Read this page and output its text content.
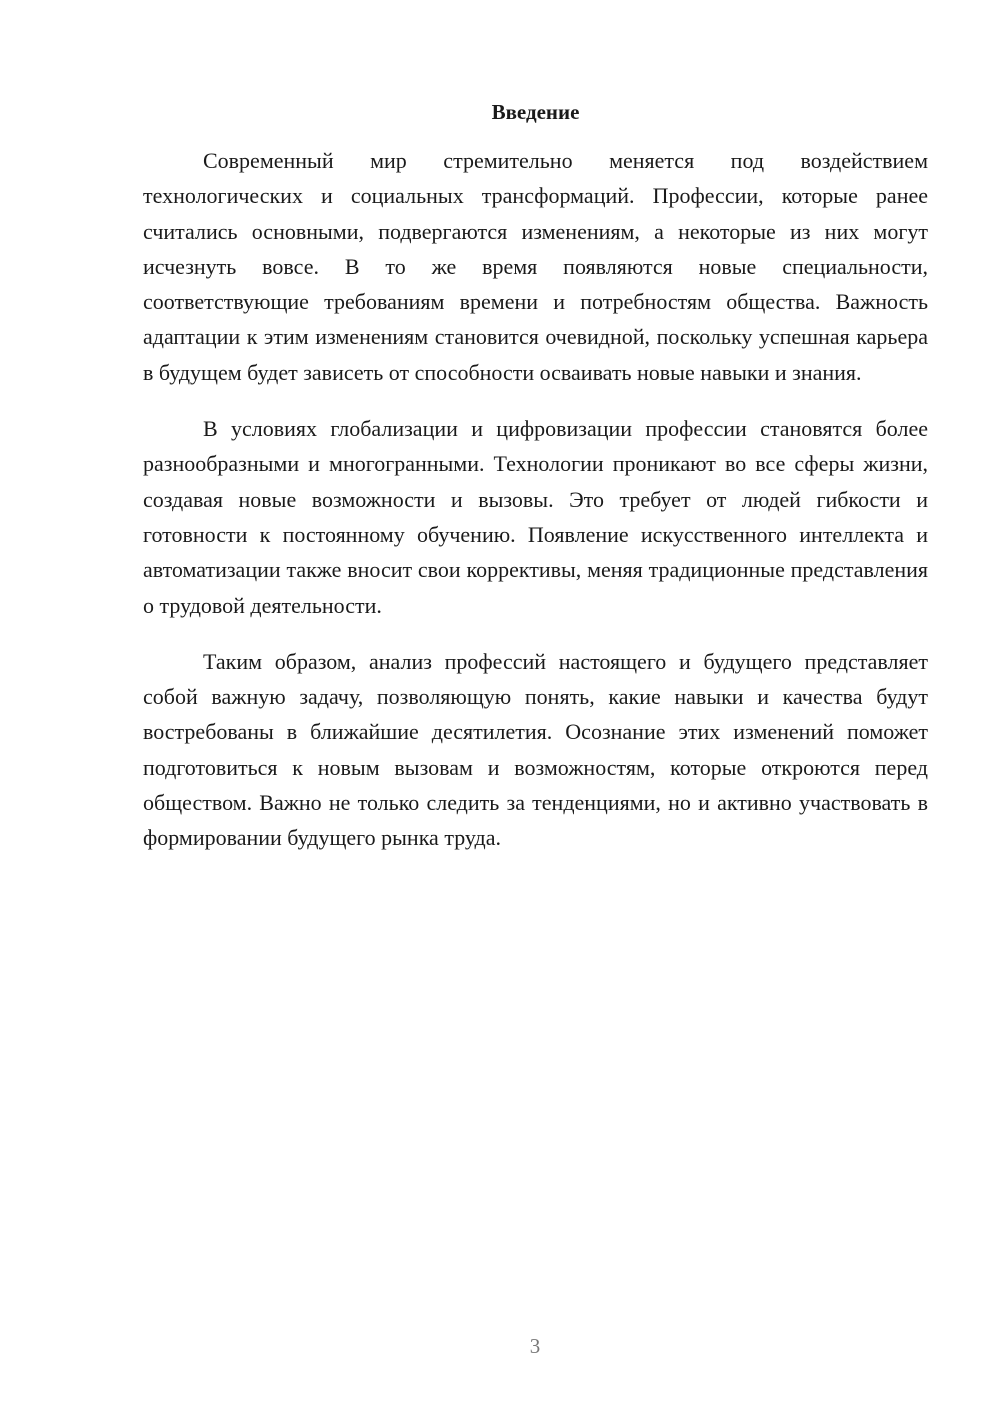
Введение

Современный мир стремительно меняется под воздействием технологических и социальных трансформаций. Профессии, которые ранее считались основными, подвергаются изменениям, а некоторые из них могут исчезнуть вовсе. В то же время появляются новые специальности, соответствующие требованиям времени и потребностям общества. Важность адаптации к этим изменениям становится очевидной, поскольку успешная карьера в будущем будет зависеть от способности осваивать новые навыки и знания.

В условиях глобализации и цифровизации профессии становятся более разнообразными и многогранными. Технологии проникают во все сферы жизни, создавая новые возможности и вызовы. Это требует от людей гибкости и готовности к постоянному обучению. Появление искусственного интеллекта и автоматизации также вносит свои коррективы, меняя традиционные представления о трудовой деятельности.

Таким образом, анализ профессий настоящего и будущего представляет собой важную задачу, позволяющую понять, какие навыки и качества будут востребованы в ближайшие десятилетия. Осознание этих изменений поможет подготовиться к новым вызовам и возможностям, которые откроются перед обществом. Важно не только следить за тенденциями, но и активно участвовать в формировании будущего рынка труда.

3
